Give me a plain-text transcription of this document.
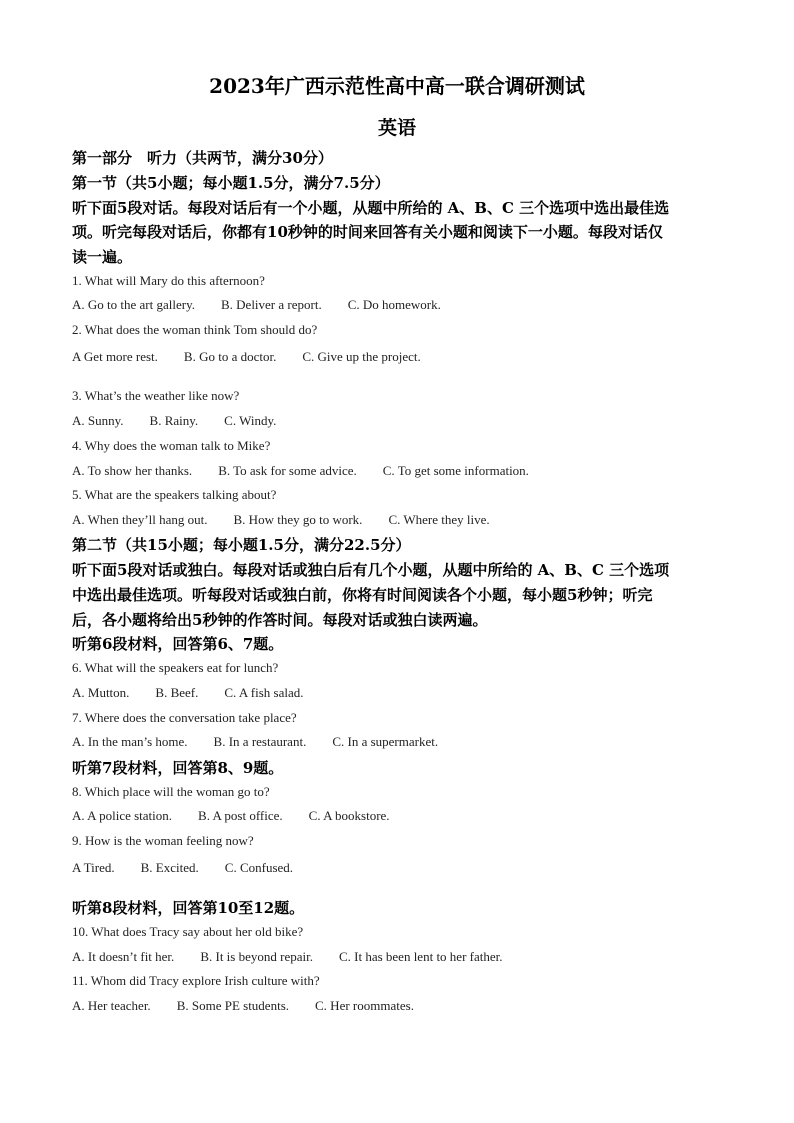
2023年广西示范性高中高一联合调研测试
英语
第一部分　听力（共两节，满分30分）
第一节（共5小题；每小题1.5分，满分7.5分）
听下面5段对话。每段对话后有一个小题，从题中所给的 A、B、C 三个选项中选出最佳选
项。听完每段对话后，你都有10秒钟的时间来回答有关小题和阅读下一小题。每段对话仅
读一遍。
1. What will Mary do this afternoon?
A. Go to the art gallery. B. Deliver a report. C. Do homework.
2. What does the woman think Tom should do?
A Get more rest. B. Go to a doctor. C. Give up the project.
3. What’s the weather like now?
A. Sunny. B. Rainy. C. Windy.
4. Why does the woman talk to Mike?
A. To show her thanks. B. To ask for some advice. C. To get some information.
5. What are the speakers talking about?
A. When they’ll hang out. B. How they go to work. C. Where they live.
第二节（共15小题；每小题1.5分，满分22.5分）
听下面5段对话或独白。每段对话或独白后有几个小题，从题中所给的 A、B、C 三个选项
中选出最佳选项。听每段对话或独白前，你将有时间阅读各个小题，每小题5秒钟；听完
后，各小题将给出5秒钟的作答时间。每段对话或独白读两遍。
听第6段材料，回答第6、7题。
6. What will the speakers eat for lunch?
A. Mutton. B. Beef. C. A fish salad.
7. Where does the conversation take place?
A. In the man’s home. B. In a restaurant. C. In a supermarket.
听第7段材料，回答第8、9题。
8. Which place will the woman go to?
A. A police station. B. A post office. C. A bookstore.
9. How is the woman feeling now?
A Tired. B. Excited. C. Confused.
听第8段材料，回答第10至12题。
10. What does Tracy say about her old bike?
A. It doesn’t fit her. B. It is beyond repair. C. It has been lent to her father.
11. Whom did Tracy explore Irish culture with?
A. Her teacher. B. Some PE students. C. Her roommates.
